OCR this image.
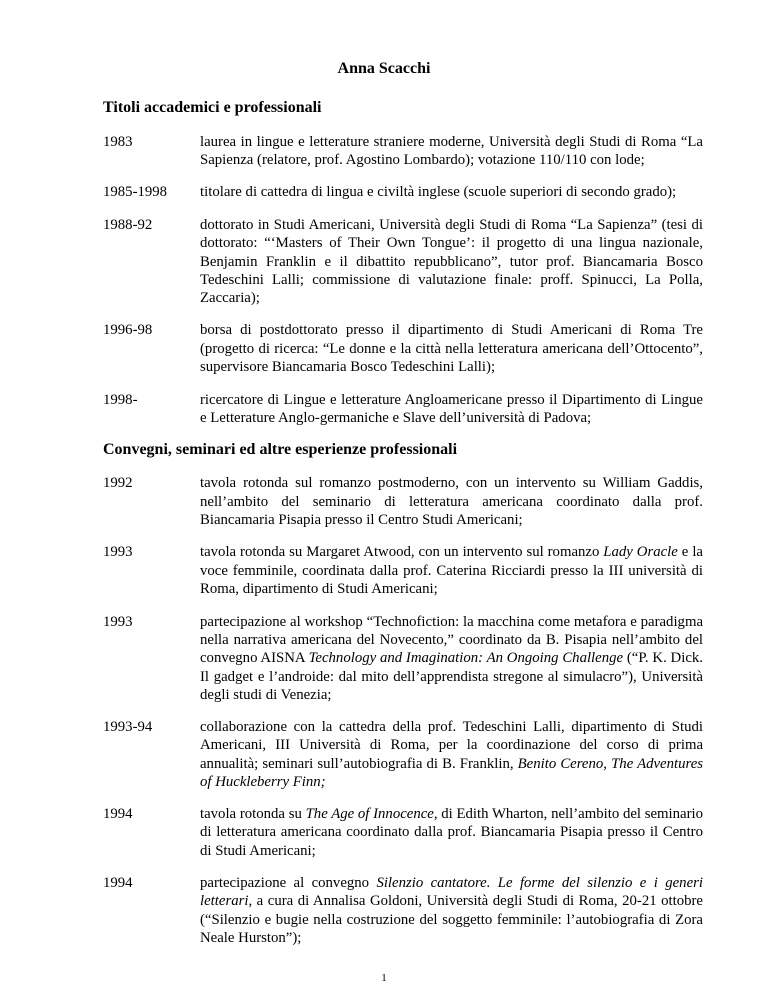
Anna Scacchi
Titoli accademici e professionali
1983	laurea in lingue e letterature straniere moderne, Università degli Studi di Roma “La Sapienza (relatore, prof. Agostino Lombardo); votazione 110/110 con lode;
1985-1998 titolare di cattedra di lingua e civiltà inglese (scuole superiori di secondo grado);
1988-92	dottorato in Studi Americani, Università degli Studi di Roma “La Sapienza” (tesi di dottorato: “‘Masters of Their Own Tongue’: il progetto di una lingua nazionale, Benjamin Franklin e il dibattito repubblicano”, tutor prof. Biancamaria Bosco Tedeschini Lalli; commissione di valutazione finale: proff. Spinucci, La Polla, Zaccaria);
1996-98	borsa di postdottorato presso il dipartimento di Studi Americani di Roma Tre (progetto di ricerca: “Le donne e la città nella letteratura americana dell’Ottocento”, supervisore Biancamaria Bosco Tedeschini Lalli);
1998-	ricercatore di Lingue e letterature Angloamericane presso il Dipartimento di Lingue e Letterature Anglo-germaniche e Slave dell’università di Padova;
Convegni, seminari ed altre esperienze professionali
1992	tavola rotonda sul romanzo postmoderno, con un intervento su William Gaddis, nell’ambito del seminario di letteratura americana coordinato dalla prof. Biancamaria Pisapia presso il Centro Studi Americani;
1993	tavola rotonda su Margaret Atwood, con un intervento sul romanzo Lady Oracle e la voce femminile, coordinata dalla prof. Caterina Ricciardi presso la III università di Roma, dipartimento di Studi Americani;
1993	partecipazione al workshop “Technofiction: la macchina come metafora e paradigma nella narrativa americana del Novecento,” coordinato da B. Pisapia nell’ambito del convegno AISNA Technology and Imagination: An Ongoing Challenge (“P. K. Dick. Il gadget e l’androide: dal mito dell’apprendista stregone al simulacro”), Università degli studi di Venezia;
1993-94	collaborazione con la cattedra della prof. Tedeschini Lalli, dipartimento di Studi Americani, III Università di Roma, per la coordinazione del corso di prima annualità; seminari sull’autobiografia di B. Franklin, Benito Cereno, The Adventures of Huckleberry Finn;
1994	tavola rotonda su The Age of Innocence, di Edith Wharton, nell’ambito del seminario di letteratura americana coordinato dalla prof. Biancamaria Pisapia presso il Centro di Studi Americani;
1994	partecipazione al convegno Silenzio cantatore. Le forme del silenzio e i generi letterari, a cura di Annalisa Goldoni, Università degli Studi di Roma, 20-21 ottobre (“Silenzio e bugie nella costruzione del soggetto femminile: l’autobiografia di Zora Neale Hurston”);
1
